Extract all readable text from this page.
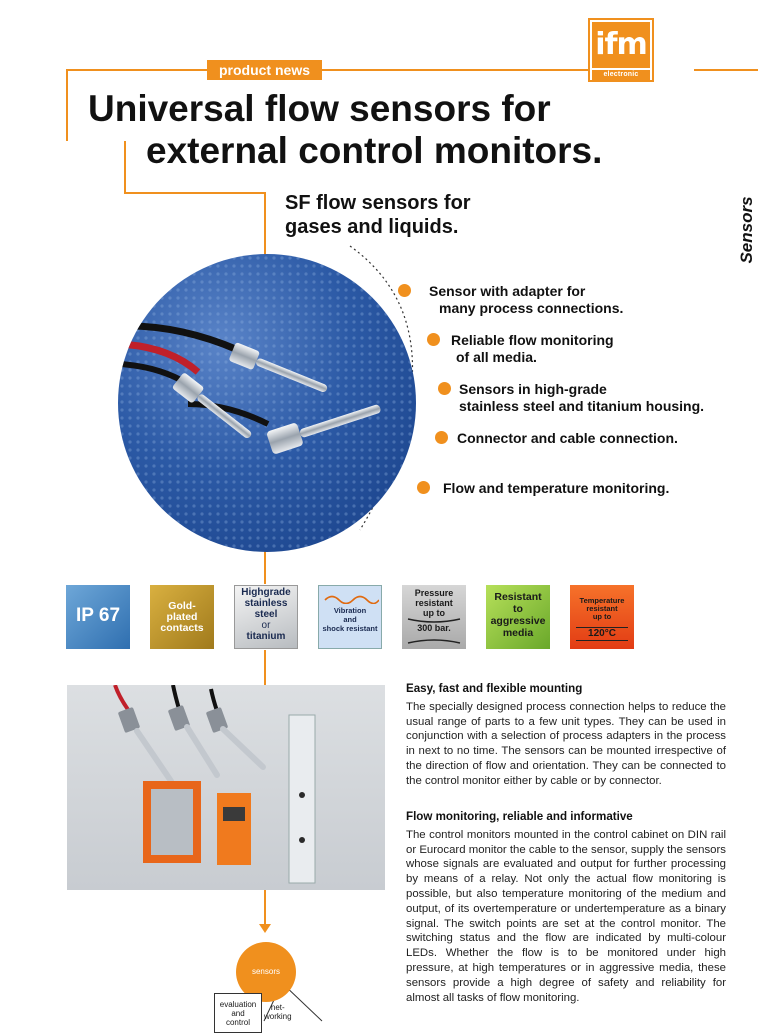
ifm
electronic
product news
Universal flow sensors for
external control monitors.
SF flow sensors for
gases and liquids.	Sensors
Sensor with adapter for
many process connections.
Reliable flow monitoring
of all media.
Sensors in high-grade
stainless steel and titanium housing.
Connector and cable connection.
Flow and temperature monitoring.
IP 67	Gold-
plated
contacts
Highgrade
stainless
steel
or
titanium
Vibration
and
shock resistant
Pressure
resistant
up to
300 bar.
Resistant
to
aggressive
media
Temperature
resistant
up to
120°C
Easy, fast and flexible mounting
The specially designed process connection helps to reduce the usual range of parts to a few unit types. They can be used in conjunction with a selection of process adapters in the process in next to no time. The sensors can be mounted irrespective of the direction of flow and orientation. They can be connected to the control monitor either by cable or by connector.
Flow monitoring, reliable and informative
The control monitors mounted in the control cabinet on DIN rail or Eurocard monitor the cable to the sensor, supply the sensors whose signals are evaluated and output for further processing by means of a relay. Not only the actual flow monitoring is possible, but also temperature monitoring of the medium and output, of its overtemperature or undertemperature as a binary signal. The switch points are set at the control monitor. The switching status and the flow are indicated by multi-colour LEDs. Whether the flow is to be monitored under high pressure, at high temperatures or in aggressive media, these sensors provide a high degree of safety and reliability for almost all tasks of flow monitoring.
sensors
evaluation
and
control
net-
working
